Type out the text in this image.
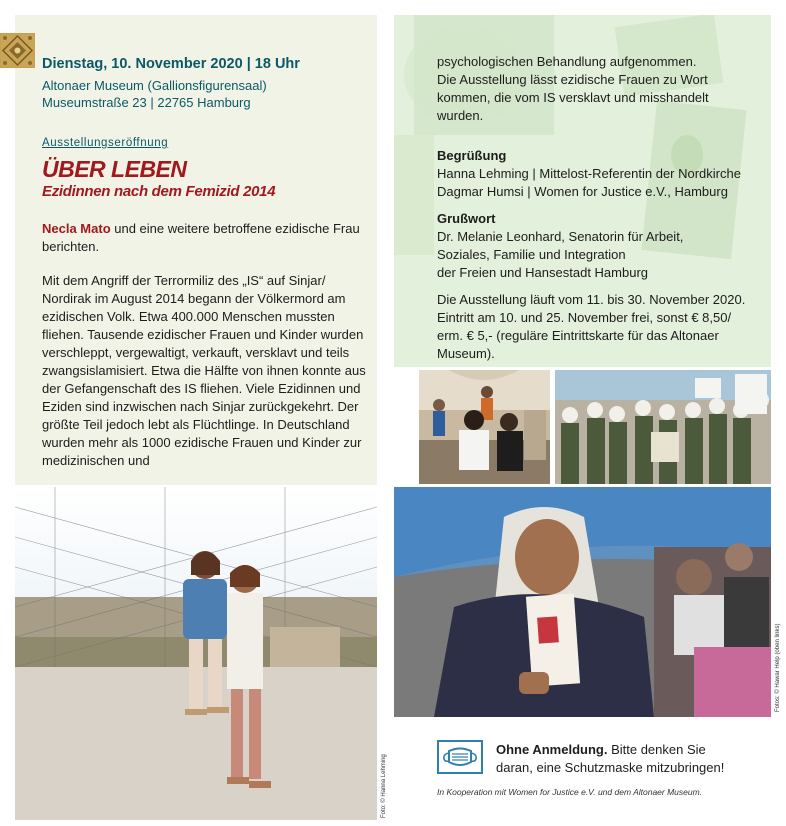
Dienstag, 10. November 2020 | 18 Uhr
Altonaer Museum (Gallionsfigurensaal)
Museumstraße 23 | 22765 Hamburg
Ausstellungseröffnung
ÜBER LEBEN
Ezidinnen nach dem Femizid 2014
Necla Mato und eine weitere betroffene ezidische Frau berichten.
Mit dem Angriff der Terrormiliz des „IS“ auf Sinjar/ Nordirak im August 2014 begann der Völkermord am ezidischen Volk. Etwa 400.000 Menschen mussten fliehen. Tausende ezidischer Frauen und Kinder wurden verschleppt, vergewaltigt, verkauft, versklavt und teils zwangsislamisiert. Etwa die Hälfte von ihnen konnte aus der Gefangenschaft des IS fliehen. Viele Ezidinnen und Eziden sind inzwischen nach Sinjar zurückgekehrt. Der größte Teil jedoch lebt als Flüchtlinge. In Deutschland wurden mehr als 1000 ezidische Frauen und Kinder zur medizinischen und
psychologischen Behandlung aufgenommen.
Die Ausstellung lässt ezidische Frauen zu Wort
kommen, die vom IS versklavt und misshandelt
wurden.
Begrüßung
Hanna Lehming | Mittelost-Referentin der Nordkirche
Dagmar Humsi | Women for Justice e.V., Hamburg
Grußwort
Dr. Melanie Leonhard, Senatorin für Arbeit,
Soziales, Familie und Integration
der Freien und Hansestadt Hamburg
Die Ausstellung läuft vom 11. bis 30. November 2020.
Eintritt am 10. und 25. November frei, sonst € 8,50/
erm. € 5,- (reguläre Eintrittskarte für das Altonaer
Museum).
Foto: © Hanna Lehming
Fotos: © Hawar Help (oben links)
Ohne Anmeldung. Bitte denken Sie
daran, eine Schutzmaske mitzubringen!
In Kooperation mit Women for Justice e.V. und dem Altonaer Museum.
